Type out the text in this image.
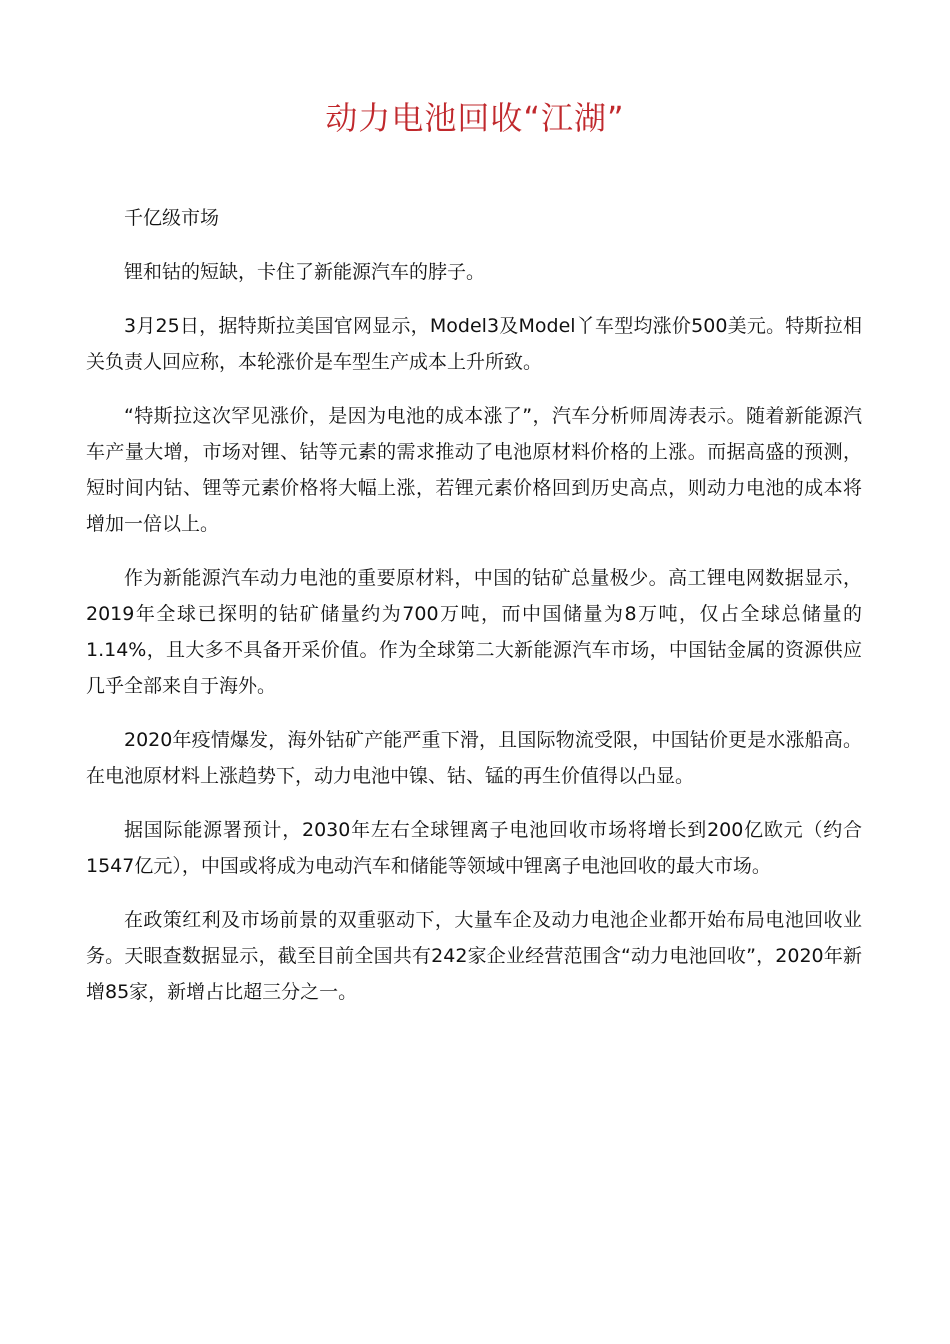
动力电池回收“江湖”

千亿级市场

锂和钴的短缺，卡住了新能源汽车的脖子。

3月25日，据特斯拉美国官网显示，Model3及Model丫车型均涨价500美元。特斯拉相关负责人回应称，本轮涨价是车型生产成本上升所致。

“特斯拉这次罕见涨价，是因为电池的成本涨了”，汽车分析师周涛表示。随着新能源汽车产量大增，市场对锂、钴等元素的需求推动了电池原材料价格的上涨。而据高盛的预测，短时间内钴、锂等元素价格将大幅上涨，若锂元素价格回到历史高点，则动力电池的成本将增加一倍以上。

作为新能源汽车动力电池的重要原材料，中国的钴矿总量极少。高工锂电网数据显示，2019年全球已探明的钴矿储量约为700万吨，而中国储量为8万吨，仅占全球总储量的1.14%，且大多不具备开采价值。作为全球第二大新能源汽车市场，中国钴金属的资源供应几乎全部来自于海外。

2020年疫情爆发，海外钴矿产能严重下滑，且国际物流受限，中国钴价更是水涨船高。在电池原材料上涨趋势下，动力电池中镍、钴、锰的再生价值得以凸显。

据国际能源署预计，2030年左右全球锂离子电池回收市场将增长到200亿欧元（约合1547亿元），中国或将成为电动汽车和储能等领域中锂离子电池回收的最大市场。

在政策红利及市场前景的双重驱动下，大量车企及动力电池企业都开始布局电池回收业务。天眼查数据显示，截至目前全国共有242家企业经营范围含“动力电池回收”，2020年新增85家，新增占比超三分之一。
